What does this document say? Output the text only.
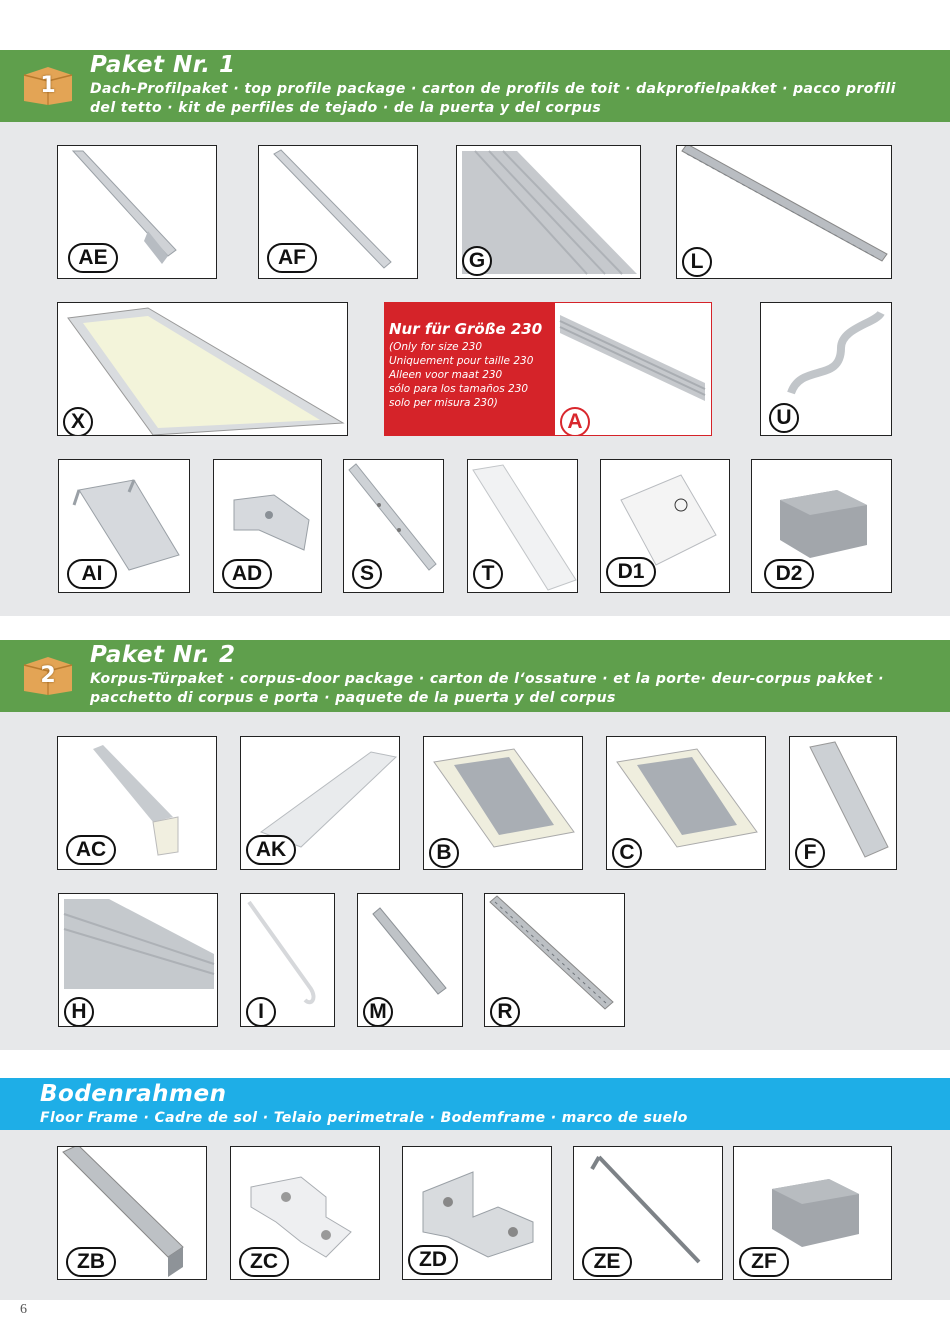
1
Paket Nr. 1
Dach-Profilpaket · top profile package · carton de profils de toit · dakprofielpakket · pacco profili
del tetto · kit de perfiles de tejado · de la puerta y del corpus
AE	AF	G	L
X
Nur für Größe 230
(Only for size 230
Uniquement pour taille 230
Alleen voor maat 230
sólo para los tamaños 230
solo per misura 230)
A	U
AI	AD	S	T	D1	D2
2
Paket Nr. 2
Korpus-Türpaket · corpus-door package · carton de l‘ossature · et la porte· deur-corpus pakket ·
pacchetto di corpus e porta · paquete de la puerta y del corpus
AC	AK	B	C	F
H	I	M	R
Bodenrahmen
Floor Frame · Cadre de sol · Telaio perimetrale · Bodemframe · marco de suelo
ZB	ZC	ZD	ZE	ZF
6
